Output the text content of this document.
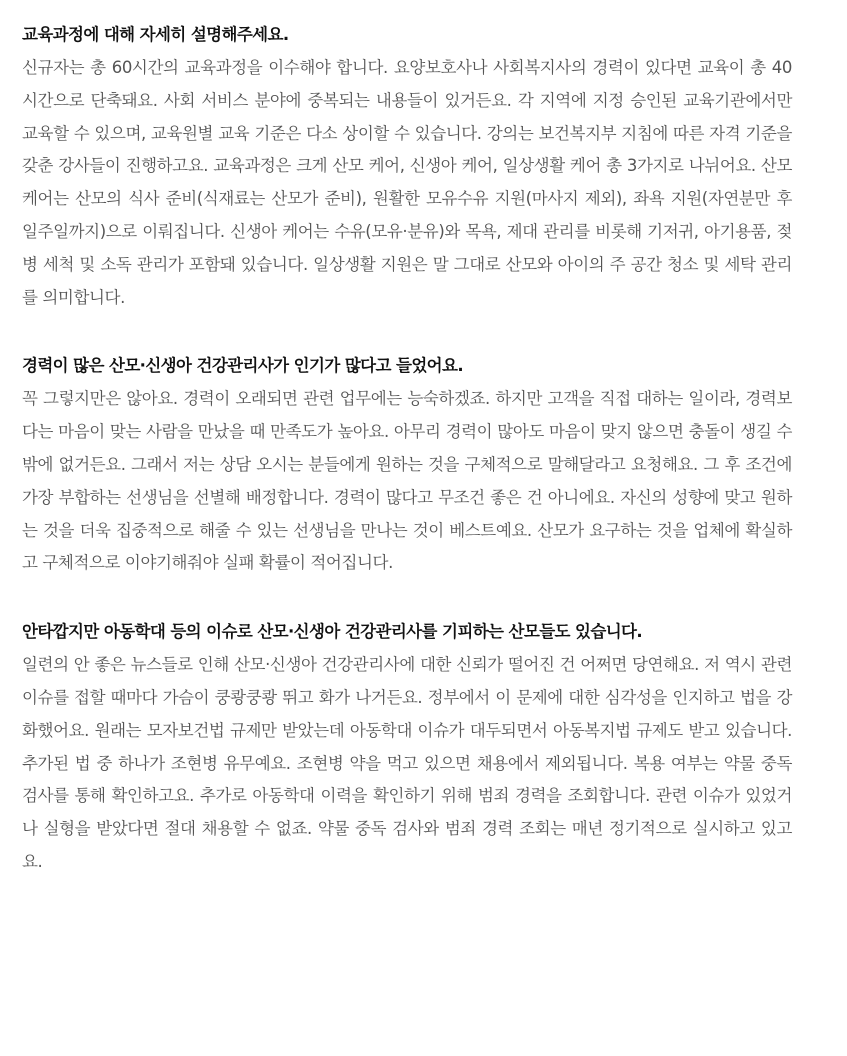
교육과정에 대해 자세히 설명해주세요.

신규자는 총 60시간의 교육과정을 이수해야 합니다. 요양보호사나 사회복지사의 경력이 있다면 교육이 총 40시간으로 단축돼요. 사회 서비스 분야에 중복되는 내용들이 있거든요. 각 지역에 지정 승인된 교육기관에서만 교육할 수 있으며, 교육원별 교육 기준은 다소 상이할 수 있습니다. 강의는 보건복지부 지침에 따른 자격 기준을 갖춘 강사들이 진행하고요. 교육과정은 크게 산모 케어, 신생아 케어, 일상생활 케어 총 3가지로 나뉘어요. 산모 케어는 산모의 식사 준비(식재료는 산모가 준비), 원활한 모유수유 지원(마사지 제외), 좌욕 지원(자연분만 후 일주일까지)으로 이뤄집니다. 신생아 케어는 수유(모유·분유)와 목욕, 제대 관리를 비롯해 기저귀, 아기용품, 젖병 세척 및 소독 관리가 포함돼 있습니다. 일상생활 지원은 말 그대로 산모와 아이의 주 공간 청소 및 세탁 관리를 의미합니다.

경력이 많은 산모·신생아 건강관리사가 인기가 많다고 들었어요.

꼭 그렇지만은 않아요. 경력이 오래되면 관련 업무에는 능숙하겠죠. 하지만 고객을 직접 대하는 일이라, 경력보다는 마음이 맞는 사람을 만났을 때 만족도가 높아요. 아무리 경력이 많아도 마음이 맞지 않으면 충돌이 생길 수밖에 없거든요. 그래서 저는 상담 오시는 분들에게 원하는 것을 구체적으로 말해달라고 요청해요. 그 후 조건에 가장 부합하는 선생님을 선별해 배정합니다. 경력이 많다고 무조건 좋은 건 아니에요. 자신의 성향에 맞고 원하는 것을 더욱 집중적으로 해줄 수 있는 선생님을 만나는 것이 베스트예요. 산모가 요구하는 것을 업체에 확실하고 구체적으로 이야기해줘야 실패 확률이 적어집니다.

안타깝지만 아동학대 등의 이슈로 산모·신생아 건강관리사를 기피하는 산모들도 있습니다.

일련의 안 좋은 뉴스들로 인해 산모·신생아 건강관리사에 대한 신뢰가 떨어진 건 어쩌면 당연해요. 저 역시 관련 이슈를 접할 때마다 가슴이 쿵쾅쿵쾅 뛰고 화가 나거든요. 정부에서 이 문제에 대한 심각성을 인지하고 법을 강화했어요. 원래는 모자보건법 규제만 받았는데 아동학대 이슈가 대두되면서 아동복지법 규제도 받고 있습니다. 추가된 법 중 하나가 조현병 유무예요. 조현병 약을 먹고 있으면 채용에서 제외됩니다. 복용 여부는 약물 중독 검사를 통해 확인하고요. 추가로 아동학대 이력을 확인하기 위해 범죄 경력을 조회합니다. 관련 이슈가 있었거나 실형을 받았다면 절대 채용할 수 없죠. 약물 중독 검사와 범죄 경력 조회는 매년 정기적으로 실시하고 있고요.
